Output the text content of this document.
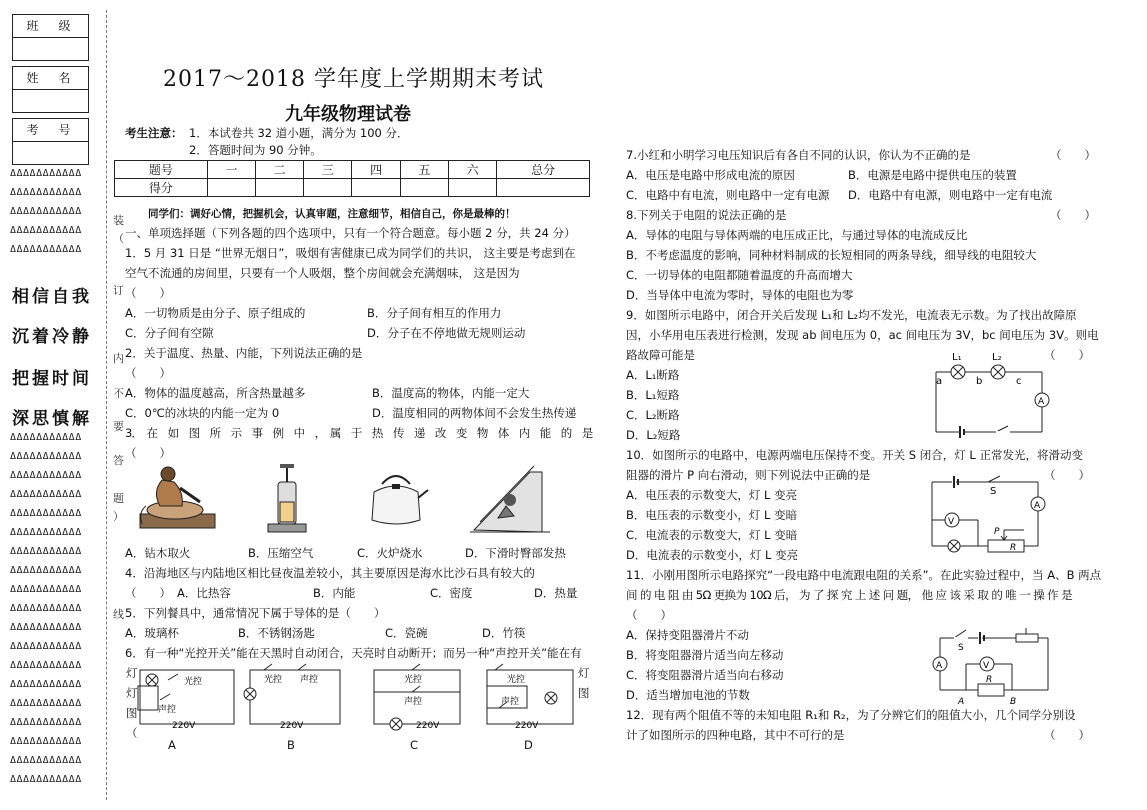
班　级
姓　名
考　号
ΔΔΔΔΔΔΔΔΔΔΔ
ΔΔΔΔΔΔΔΔΔΔΔ
ΔΔΔΔΔΔΔΔΔΔΔ
ΔΔΔΔΔΔΔΔΔΔΔ
ΔΔΔΔΔΔΔΔΔΔΔ
ΔΔΔΔΔΔΔΔΔΔΔ
ΔΔΔΔΔΔΔΔΔΔΔ
ΔΔΔΔΔΔΔΔΔΔΔ
ΔΔΔΔΔΔΔΔΔΔΔ
ΔΔΔΔΔΔΔΔΔΔΔ
ΔΔΔΔΔΔΔΔΔΔΔ
ΔΔΔΔΔΔΔΔΔΔΔ
ΔΔΔΔΔΔΔΔΔΔΔ
ΔΔΔΔΔΔΔΔΔΔΔ
ΔΔΔΔΔΔΔΔΔΔΔ
ΔΔΔΔΔΔΔΔΔΔΔ
ΔΔΔΔΔΔΔΔΔΔΔ
ΔΔΔΔΔΔΔΔΔΔΔ
ΔΔΔΔΔΔΔΔΔΔΔ
ΔΔΔΔΔΔΔΔΔΔΔ
ΔΔΔΔΔΔΔΔΔΔΔ
ΔΔΔΔΔΔΔΔΔΔΔ
ΔΔΔΔΔΔΔΔΔΔΔ
ΔΔΔΔΔΔΔΔΔΔΔ
相信自我
沉着冷静
把握时间
深思慎解
装
（
订
内
不
要
答
题
）
线
2017～2018 学年度上学期期末考试
九年级物理试卷
考生注意： 1．本试卷共 32 道小题，满分为 100 分．
2．答题时间为 90 分钟。
题号	一	二	三	四	五	六	总分
得分							
同学们：调好心情，把握机会，认真审题，注意细节，相信自己，你是最棒的！
一、单项选择题（下列各题的四个选项中，只有一个符合题意。每小题 2 分，共 24 分）
1．5 月 31 日是 “世界无烟日”，吸烟有害健康已成为同学们的共识， 这主要是考虑到在
空气不流通的房间里，只要有一个人吸烟，整个房间就会充满烟味， 这是因为
（　　）
A．一切物质是由分子、原子组成的	B．分子间有相互的作用力
C．分子间有空隙	D．分子在不停地做无规则运动
2．关于温度、热量、内能，下列说法正确的是
（　　）
A．物体的温度越高，所含热量越多	B．温度高的物体，内能一定大
C．0℃的冰块的内能一定为 0	D．温度相同的两物体间不会发生热传递
3．　在　如　图　所　示　事　例　中　，　属　于　热　传　递　改　变　物　体　内　能　的　是
（　　）
A．钻木取火	B．压缩空气	C．火炉烧水	D．下滑时臀部发热
4．沿海地区与内陆地区相比昼夜温差较小，其主要原因是海水比沙石具有较大的
（　　） A．比热容	B．内能	C．密度	D．热量
5．下列餐具中，通常情况下属于导体的是（　　）
A．玻璃杯	B．不锈钢汤匙	C．瓷碗	D．竹筷
6．有一种“光控开关”能在天黑时自动闭合，天亮时自动断开；而另一种“声控开关”能在有
灯
灯
图
（
灯
图
光控
声控
220V
光控 声控
220V
光控
声控
220V
光控
声控
220V
A	B	C	D
7.小红和小明学习电压知识后有各自不同的认识，你认为不正确的是	（　　）
A．电压是电路中形成电流的原因	B．电源是电路中提供电压的装置
C．电路中有电流，则电路中一定有电源 D．电路中有电源，则电路中一定有电流
8.下列关于电阻的说法正确的是	（　　）
A．导体的电阻与导体两端的电压成正比，与通过导体的电流成反比
B．不考虑温度的影响，同种材料制成的长短相同的两条导线，细导线的电阻较大
C．一切导体的电阻都随着温度的升高而增大
D．当导体中电流为零时，导体的电阻也为零
9．如图所示电路中，闭合开关后发现 L₁和 L₂均不发光，电流表无示数。为了找出故障原
因，小华用电压表进行检测，发现 ab 间电压为 0，ac 间电压为 3V，bc 间电压为 3V。则电
路故障可能是	（　　）
A．L₁断路
B．L₁短路
C．L₂断路
D．L₂短路
L₁	L₂
a	b	c
A
10．如图所示的电路中，电源两端电压保持不变。开关 S 闭合，灯 L 正常发光，将滑动变
阻器的滑片 P 向右滑动，则下列说法中正确的是	（　　）
A．电压表的示数变大，灯 L 变亮
B．电压表的示数变小，灯 L 变暗
C．电流表的示数变大，灯 L 变暗
D．电流表的示数变小，灯 L 变亮
S
A
V
P
R
11．小刚用图所示电路探究“一段电路中电流跟电阻的关系”。在此实验过程中，当 A、B 两点
间 的 电 阻 由 5Ω 更换为 10Ω 后， 为 了 探 究 上 述 问 题， 他 应 该 采 取 的 唯 一 操 作 是
（　　）
A．保持变阻器滑片不动
B．将变阻器滑片适当向左移动
C．将变阻器滑片适当向右移动
D．适当增加电池的节数
S
A	V
R
A	B
12．现有两个阻值不等的未知电阻 R₁和 R₂，为了分辨它们的阻值大小，几个同学分别设
计了如图所示的四种电路，其中不可行的是	（　　）
